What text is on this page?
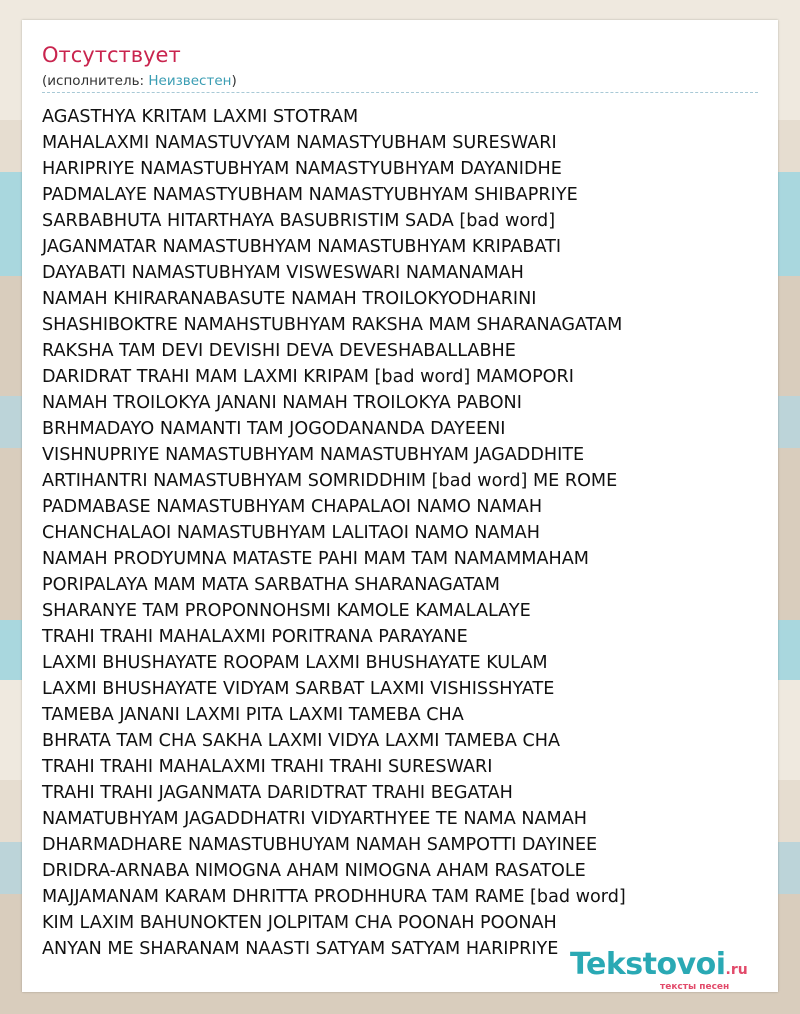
Отсутствует
(исполнитель: Неизвестен)
AGASTHYA KRITAM LAXMI STOTRAM
MAHALAXMI NAMASTUVYAM NAMASTYUBHAM SURESWARI
HARIPRIYE NAMASTUBHYAM NAMASTYUBHYAM DAYANIDHE
PADMALAYE NAMASTYUBHAM NAMASTYUBHYAM SHIBAPRIYE
SARBABHUTA HITARTHAYA BASUBRISTIM SADA [bad word]
JAGANMATAR NAMASTUBHYAM NAMASTUBHYAM KRIPABATI
DAYABATI NAMASTUBHYAM VISWESWARI NAMANAMAH
NAMAH KHIRARANABASUTE NAMAH TROILOKYODHARINI
SHASHIBOKTRE NAMAHSTUBHYAM RAKSHA MAM SHARANAGATAM
RAKSHA TAM DEVI DEVISHI DEVA DEVESHABALLABHE
DARIDRAT TRAHI MAM LAXMI KRIPAM [bad word] MAMOPORI
NAMAH TROILOKYA JANANI NAMAH TROILOKYA PABONI
BRHMADAYO NAMANTI TAM JOGODANANDA DAYEENI
VISHNUPRIYE NAMASTUBHYAM NAMASTUBHYAM JAGADDHITE
ARTIHANTRI NAMASTUBHYAM SOMRIDDHIM [bad word] ME ROME
PADMABASE NAMASTUBHYAM CHAPALAOI NAMO NAMAH
CHANCHALAOI NAMASTUBHYAM LALITAOI NAMO NAMAH
NAMAH PRODYUMNA MATASTE PAHI MAM TAM NAMAMMAHAM
PORIPALAYA MAM MATA SARBATHA SHARANAGATAM
SHARANYE TAM PROPONNOHSMI KAMOLE KAMALALAYE
TRAHI TRAHI MAHALAXMI PORITRANA PARAYANE
LAXMI BHUSHAYATE ROOPAM LAXMI BHUSHAYATE KULAM
LAXMI BHUSHAYATE VIDYAM SARBAT LAXMI VISHISSHYATE
TAMEBA JANANI LAXMI PITA LAXMI TAMEBA CHA
BHRATA TAM CHA SAKHA LAXMI VIDYA LAXMI TAMEBA CHA
TRAHI TRAHI MAHALAXMI TRAHI TRAHI SURESWARI
TRAHI TRAHI JAGANMATA DARIDTRAT TRAHI BEGATAH
NAMATUBHYAM JAGADDHATRI VIDYARTHYEE TE NAMA NAMAH
DHARMADHARE NAMASTUBHUYAM NAMAH SAMPOTTI DAYINEE
DRIDRA-ARNABA NIMOGNA AHAM NIMOGNA AHAM RASATOLE
MAJJAMANAM KARAM DHRITTA PRODHHURA TAM RAME [bad word]
KIM LAXIM BAHUNOKTEN JOLPITAM CHA POONAH POONAH
ANYAN ME SHARANAM NAASTI SATYAM SATYAM HARIPRIYE Tekstovoi.ru
тексты песен
